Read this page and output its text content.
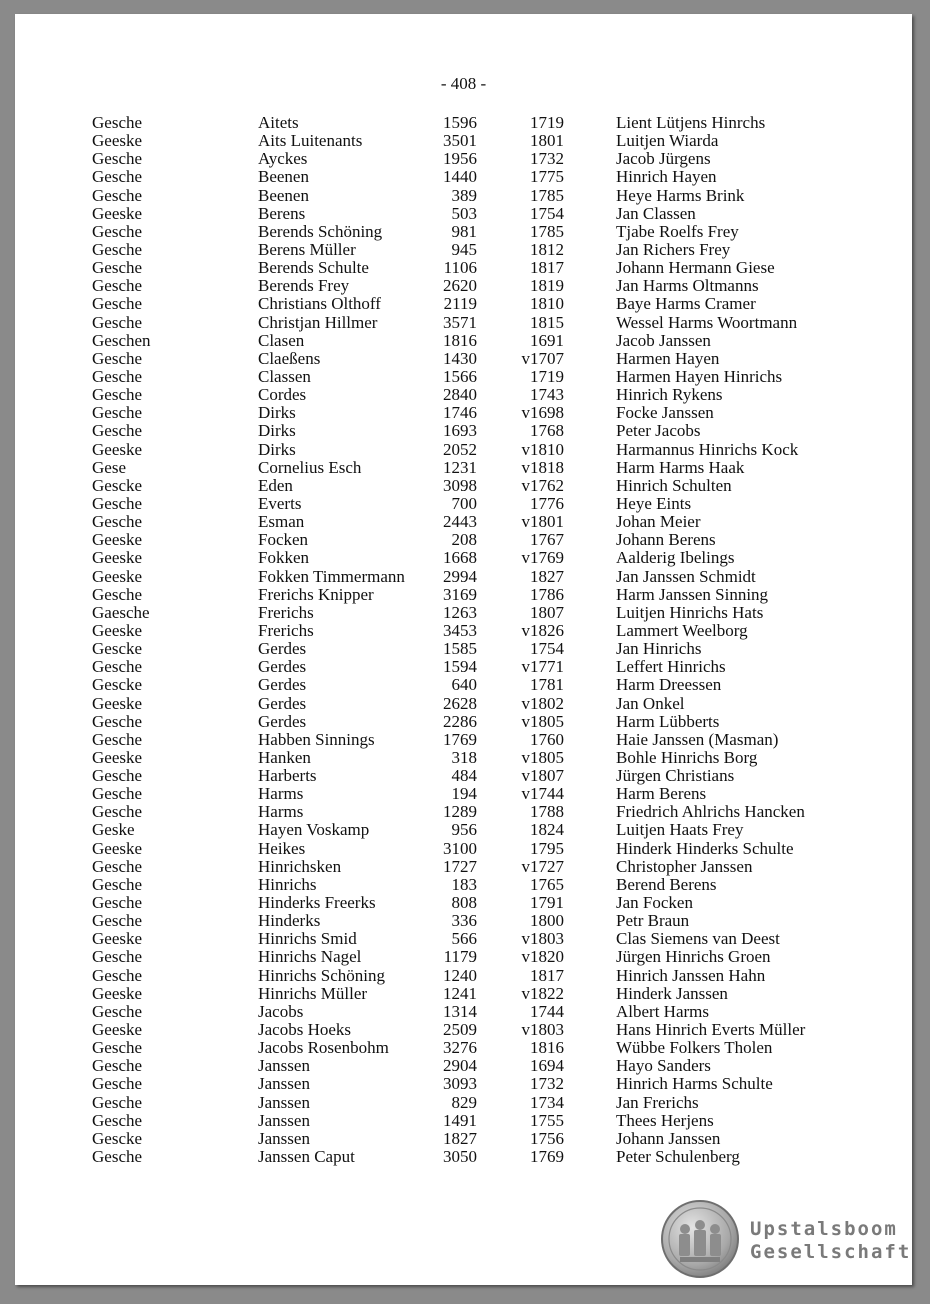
- 408 -
Gesche	Aitets	1596	1719	Lient Lütjens Hinrchs
Geeske	Aits Luitenants	3501	1801	Luitjen Wiarda
Gesche	Ayckes	1956	1732	Jacob Jürgens
Gesche	Beenen	1440	1775	Hinrich Hayen
Gesche	Beenen	389	1785	Heye Harms Brink
Geeske	Berens	503	1754	Jan Classen
Gesche	Berends Schöning	981	1785	Tjabe Roelfs Frey
Gesche	Berens Müller	945	1812	Jan Richers Frey
Gesche	Berends Schulte	1106	1817	Johann Hermann Giese
Gesche	Berends Frey	2620	1819	Jan Harms Oltmanns
Gesche	Christians Olthoff	2119	1810	Baye Harms Cramer
Gesche	Christjan Hillmer	3571	1815	Wessel Harms Woortmann
Geschen	Clasen	1816	1691	Jacob Janssen
Gesche	Claeßens	1430	v1707	Harmen Hayen
Gesche	Classen	1566	1719	Harmen Hayen Hinrichs
Gesche	Cordes	2840	1743	Hinrich Rykens
Gesche	Dirks	1746	v1698	Focke Janssen
Gesche	Dirks	1693	1768	Peter Jacobs
Geeske	Dirks	2052	v1810	Harmannus Hinrichs Kock
Gese	Cornelius Esch	1231	v1818	Harm Harms Haak
Gescke	Eden	3098	v1762	Hinrich Schulten
Gesche	Everts	700	1776	Heye Eints
Gesche	Esman	2443	v1801	Johan Meier
Geeske	Focken	208	1767	Johann Berens
Geeske	Fokken	1668	v1769	Aalderig Ibelings
Geeske	Fokken Timmermann	2994	1827	Jan Janssen Schmidt
Gesche	Frerichs Knipper	3169	1786	Harm Janssen Sinning
Gaesche	Frerichs	1263	1807	Luitjen Hinrichs Hats
Geeske	Frerichs	3453	v1826	Lammert Weelborg
Gescke	Gerdes	1585	1754	Jan Hinrichs
Gesche	Gerdes	1594	v1771	Leffert Hinrichs
Gescke	Gerdes	640	1781	Harm Dreessen
Geeske	Gerdes	2628	v1802	Jan Onkel
Gesche	Gerdes	2286	v1805	Harm Lübberts
Gesche	Habben Sinnings	1769	1760	Haie Janssen (Masman)
Geeske	Hanken	318	v1805	Bohle Hinrichs Borg
Gesche	Harberts	484	v1807	Jürgen Christians
Gesche	Harms	194	v1744	Harm Berens
Gesche	Harms	1289	1788	Friedrich Ahlrichs Hancken
Geske	Hayen Voskamp	956	1824	Luitjen Haats Frey
Geeske	Heikes	3100	1795	Hinderk Hinderks Schulte
Gesche	Hinrichsken	1727	v1727	Christopher Janssen
Gesche	Hinrichs	183	1765	Berend Berens
Gesche	Hinderks Freerks	808	1791	Jan Focken
Gesche	Hinderks	336	1800	Petr Braun
Geeske	Hinrichs Smid	566	v1803	Clas Siemens van Deest
Gesche	Hinrichs Nagel	1179	v1820	Jürgen Hinrichs Groen
Gesche	Hinrichs Schöning	1240	1817	Hinrich Janssen Hahn
Geeske	Hinrichs Müller	1241	v1822	Hinderk Janssen
Gesche	Jacobs	1314	1744	Albert Harms
Geeske	Jacobs Hoeks	2509	v1803	Hans Hinrich Everts Müller
Gesche	Jacobs Rosenbohm	3276	1816	Wübbe Folkers Tholen
Gesche	Janssen	2904	1694	Hayo Sanders
Gesche	Janssen	3093	1732	Hinrich Harms Schulte
Gesche	Janssen	829	1734	Jan Frerichs
Gesche	Janssen	1491	1755	Thees Herjens
Gescke	Janssen	1827	1756	Johann Janssen
Gesche	Janssen Caput	3050	1769	Peter Schulenberg
Upstalsboom
Gesellschaft
